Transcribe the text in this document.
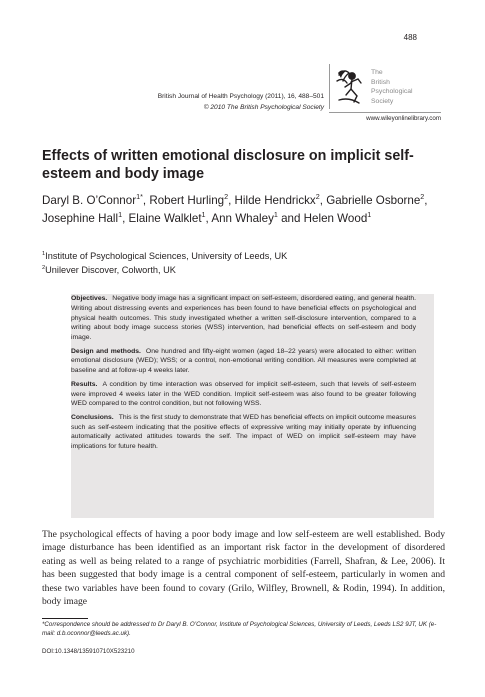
488
British Journal of Health Psychology (2011), 16, 488–501
© 2010 The British Psychological Society
The
British
Psychological
Society
www.wileyonlinelibrary.com
Effects of written emotional disclosure on implicit self-esteem and body image

Daryl B. O’Connor$^{1*}$, Robert Hurling$^2$, Hilde Hendrickx$^2$, Gabrielle Osborne$^2$, Josephine Hall$^1$, Elaine Walklet$^1$, Ann Whaley$^1$ and Helen Wood$^1$

$^1$Institute of Psychological Sciences, University of Leeds, UK
$^2$Unilever Discover, Colworth, UK

Objectives. Negative body image has a significant impact on self-esteem, disordered eating, and general health. Writing about distressing events and experiences has been found to have beneficial effects on psychological and physical health outcomes. This study investigated whether a written self-disclosure intervention, compared to a writing about body image success stories (WSS) intervention, had beneficial effects on self-esteem and body image.

Design and methods. One hundred and fifty-eight women (aged 18–22 years) were allocated to either: written emotional disclosure (WED); WSS; or a control, non-emotional writing condition. All measures were completed at baseline and at follow-up 4 weeks later.

Results. A condition by time interaction was observed for implicit self-esteem, such that levels of self-esteem were improved 4 weeks later in the WED condition. Implicit self-esteem was also found to be greater following WED compared to the control condition, but not following WSS.

Conclusions. This is the first study to demonstrate that WED has beneficial effects on implicit outcome measures such as self-esteem indicating that the positive effects of expressive writing may initially operate by influencing automatically activated attitudes towards the self. The impact of WED on implicit self-esteem may have implications for future health.

The psychological effects of having a poor body image and low self-esteem are well established. Body image disturbance has been identified as an important risk factor in the development of disordered eating as well as being related to a range of psychiatric morbidities (Farrell, Shafran, & Lee, 2006). It has been suggested that body image is a central component of self-esteem, particularly in women and these two variables have been found to covary (Grilo, Wilfley, Brownell, & Rodin, 1994). In addition, body image

*Correspondence should be addressed to Dr Daryl B. O’Connor, Institute of Psychological Sciences, University of Leeds, Leeds LS2 9JT, UK (e-mail: d.b.oconnor@leeds.ac.uk).

DOI:10.1348/135910710X523210
